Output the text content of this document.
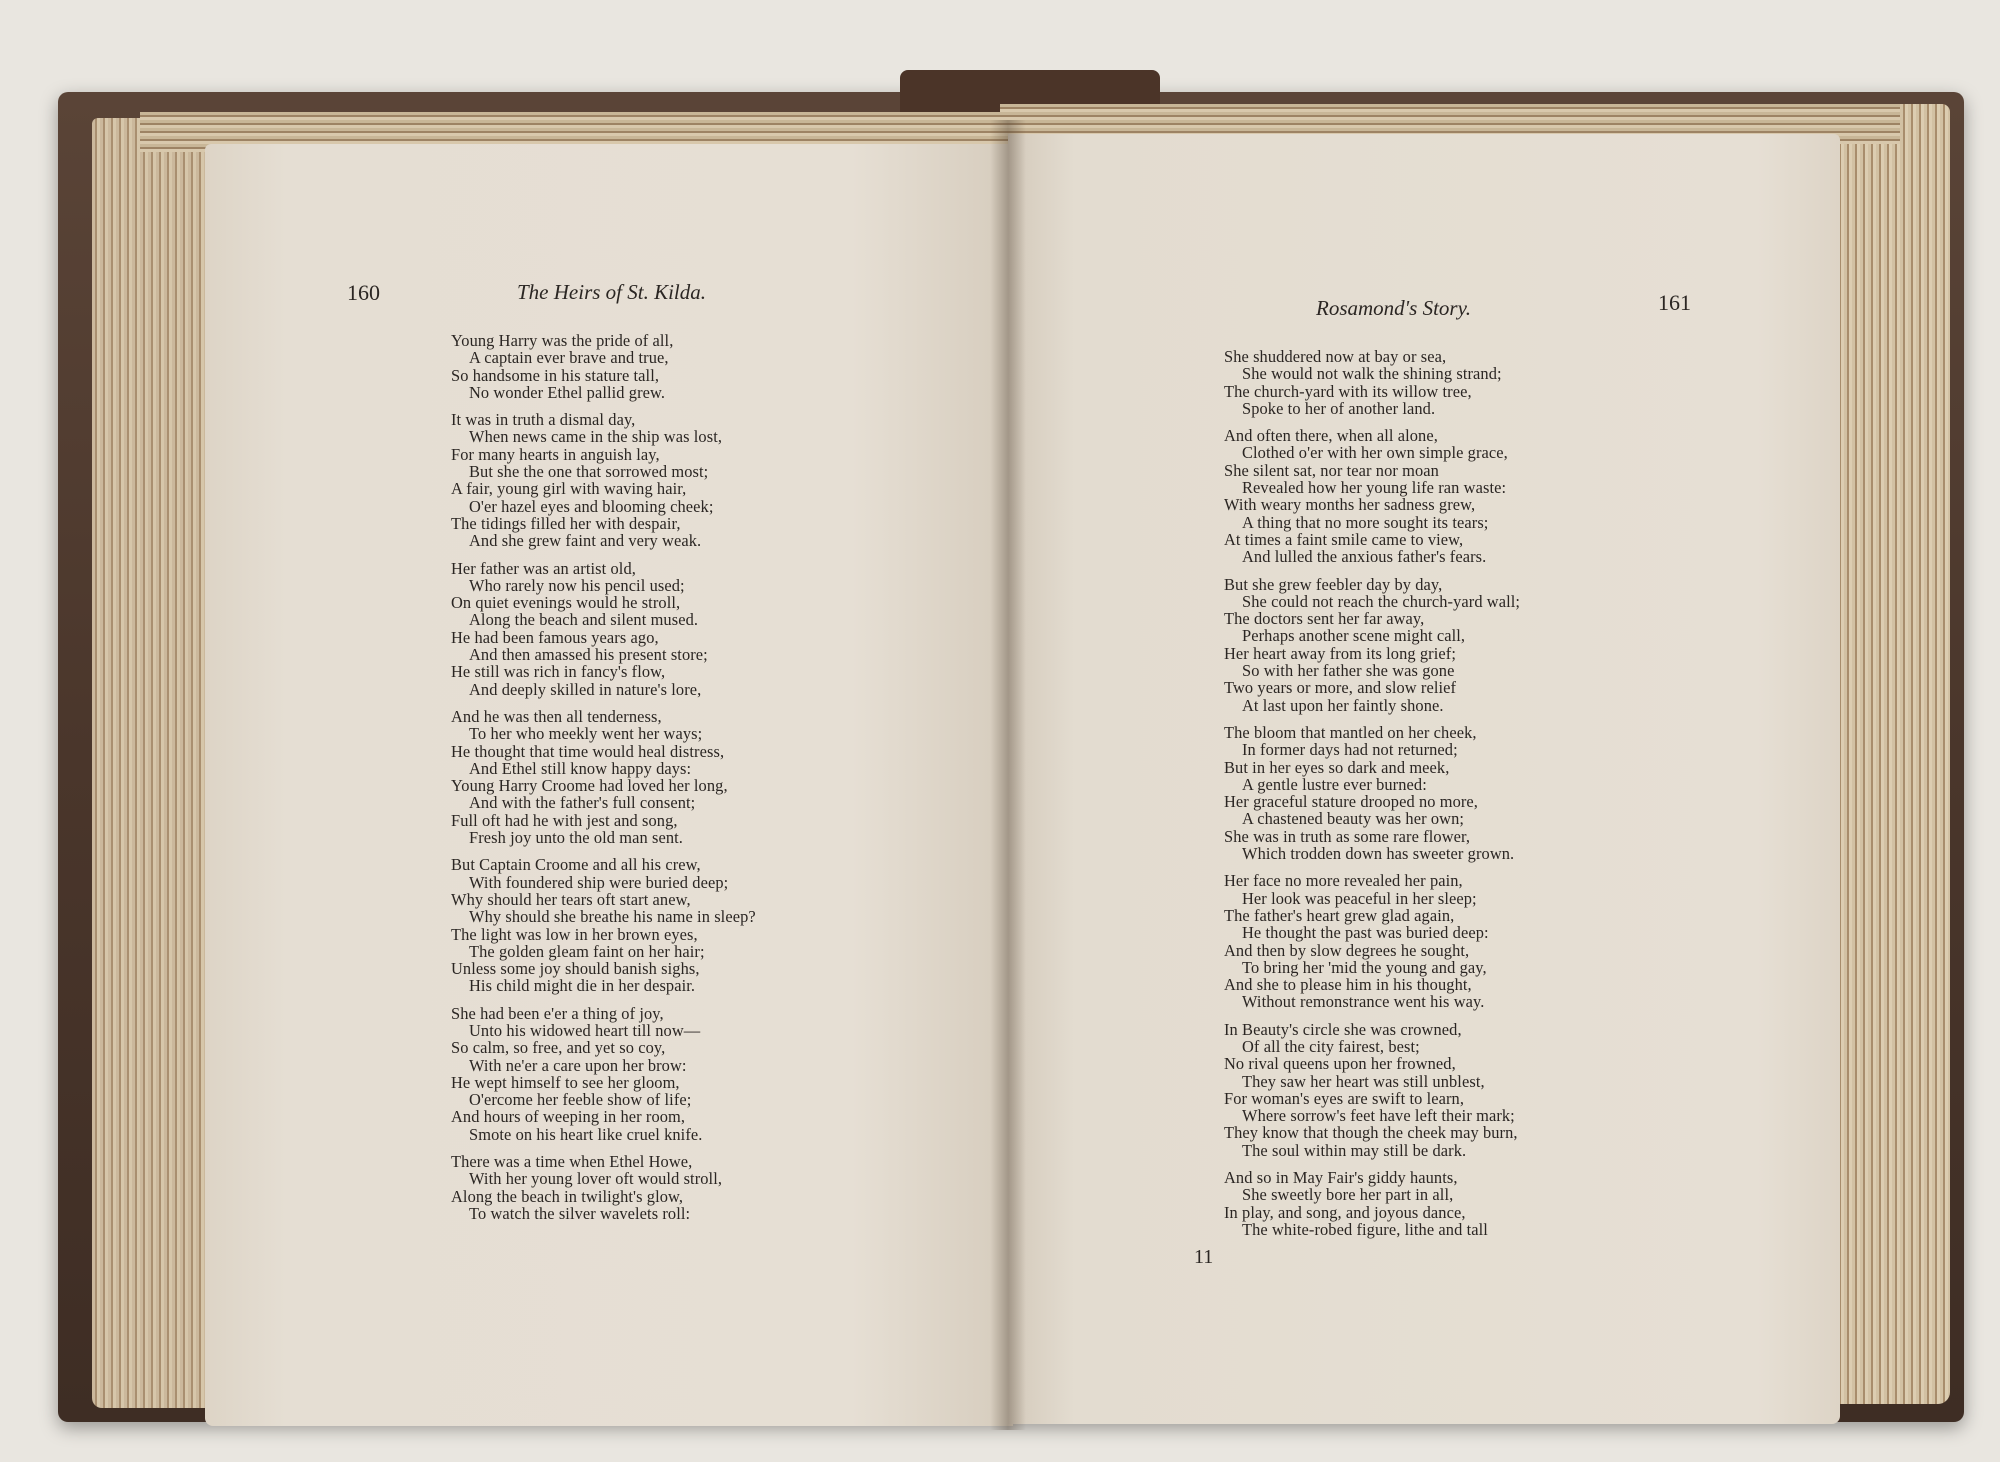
160	The Heirs of St. Kilda.
Young Harry was the pride of all,
A captain ever brave and true,
So handsome in his stature tall,
No wonder Ethel pallid grew.
It was in truth a dismal day,
When news came in the ship was lost,
For many hearts in anguish lay,
But she the one that sorrowed most;
A fair, young girl with waving hair,
O'er hazel eyes and blooming cheek;
The tidings filled her with despair,
And she grew faint and very weak.
Her father was an artist old,
Who rarely now his pencil used;
On quiet evenings would he stroll,
Along the beach and silent mused.
He had been famous years ago,
And then amassed his present store;
He still was rich in fancy's flow,
And deeply skilled in nature's lore,
And he was then all tenderness,
To her who meekly went her ways;
He thought that time would heal distress,
And Ethel still know happy days:
Young Harry Croome had loved her long,
And with the father's full consent;
Full oft had he with jest and song,
Fresh joy unto the old man sent.
But Captain Croome and all his crew,
With foundered ship were buried deep;
Why should her tears oft start anew,
Why should she breathe his name in sleep?
The light was low in her brown eyes,
The golden gleam faint on her hair;
Unless some joy should banish sighs,
His child might die in her despair.
She had been e'er a thing of joy,
Unto his widowed heart till now—
So calm, so free, and yet so coy,
With ne'er a care upon her brow:
He wept himself to see her gloom,
O'ercome her feeble show of life;
And hours of weeping in her room,
Smote on his heart like cruel knife.
There was a time when Ethel Howe,
With her young lover oft would stroll,
Along the beach in twilight's glow,
To watch the silver wavelets roll:
Rosamond's Story.	161
She shuddered now at bay or sea,
She would not walk the shining strand;
The church-yard with its willow tree,
Spoke to her of another land.
And often there, when all alone,
Clothed o'er with her own simple grace,
She silent sat, nor tear nor moan
Revealed how her young life ran waste:
With weary months her sadness grew,
A thing that no more sought its tears;
At times a faint smile came to view,
And lulled the anxious father's fears.
But she grew feebler day by day,
She could not reach the church-yard wall;
The doctors sent her far away,
Perhaps another scene might call,
Her heart away from its long grief;
So with her father she was gone
Two years or more, and slow relief
At last upon her faintly shone.
The bloom that mantled on her cheek,
In former days had not returned;
But in her eyes so dark and meek,
A gentle lustre ever burned:
Her graceful stature drooped no more,
A chastened beauty was her own;
She was in truth as some rare flower,
Which trodden down has sweeter grown.
Her face no more revealed her pain,
Her look was peaceful in her sleep;
The father's heart grew glad again,
He thought the past was buried deep:
And then by slow degrees he sought,
To bring her 'mid the young and gay,
And she to please him in his thought,
Without remonstrance went his way.
In Beauty's circle she was crowned,
Of all the city fairest, best;
No rival queens upon her frowned,
They saw her heart was still unblest,
For woman's eyes are swift to learn,
Where sorrow's feet have left their mark;
They know that though the cheek may burn,
The soul within may still be dark.
And so in May Fair's giddy haunts,
She sweetly bore her part in all,
In play, and song, and joyous dance,
The white-robed figure, lithe and tall
11
